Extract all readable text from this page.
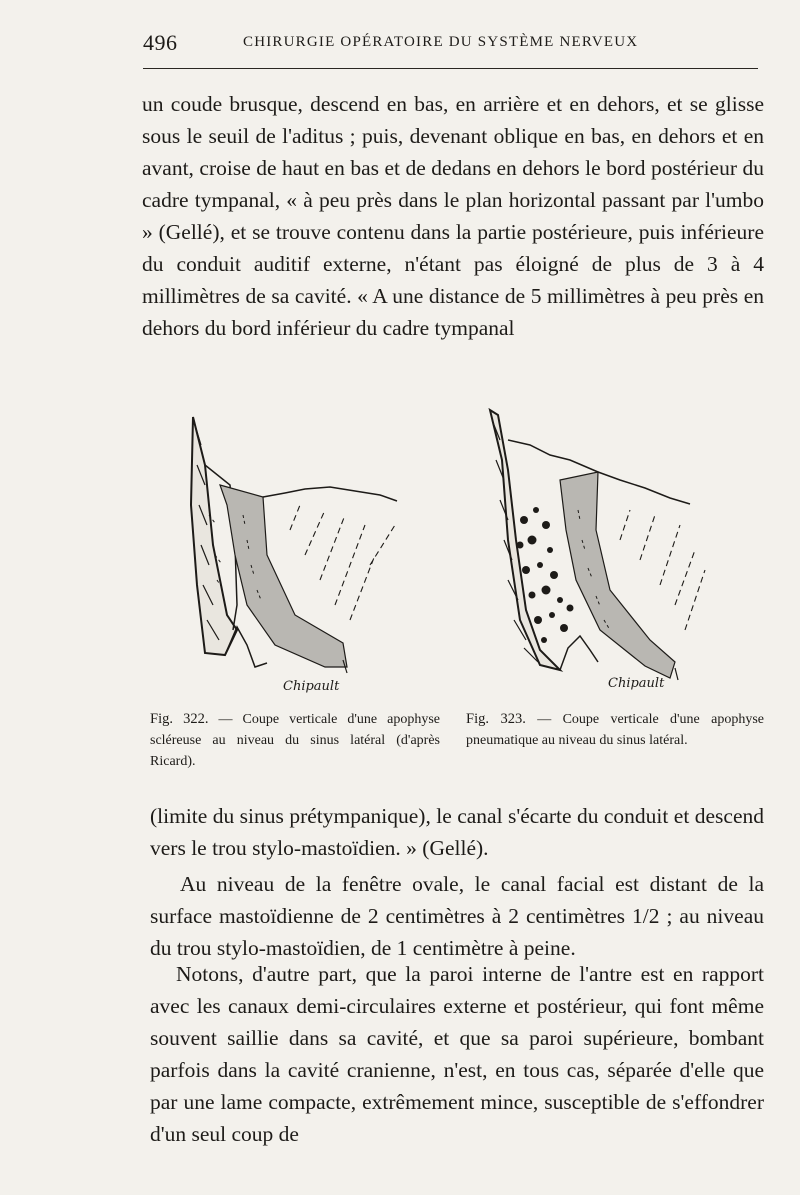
496	CHIRURGIE OPÉRATOIRE DU SYSTÈME NERVEUX

un coude brusque, descend en bas, en arrière et en dehors, et se glisse sous le seuil de l'aditus ; puis, devenant oblique en bas, en dehors et en avant, croise de haut en bas et de dedans en dehors le bord postérieur du cadre tympanal, « à peu près dans le plan horizontal passant par l'umbo » (Gellé), et se trouve contenu dans la partie postérieure, puis inférieure du conduit auditif externe, n'étant pas éloigné de plus de 3 à 4 millimètres de sa cavité. « A une distance de 5 millimètres à peu près en dehors du bord inférieur du cadre tympanal

Chipault	Chipault

Fig. 322. — Coupe verticale d'une apophyse scléreuse au niveau du sinus latéral (d'après Ricard).

Fig. 323. — Coupe verticale d'une apophyse pneumatique au niveau du sinus latéral.

(limite du sinus prétympanique), le canal s'écarte du conduit et descend vers le trou stylo-mastoïdien. » (Gellé).

Au niveau de la fenêtre ovale, le canal facial est distant de la surface mastoïdienne de 2 centimètres à 2 centimètres 1/2 ; au niveau du trou stylo-mastoïdien, de 1 centimètre à peine.

Notons, d'autre part, que la paroi interne de l'antre est en rapport avec les canaux demi-circulaires externe et postérieur, qui font même souvent saillie dans sa cavité, et que sa paroi supérieure, bombant parfois dans la cavité cranienne, n'est, en tous cas, séparée d'elle que par une lame compacte, extrêmement mince, susceptible de s'effondrer d'un seul coup de
